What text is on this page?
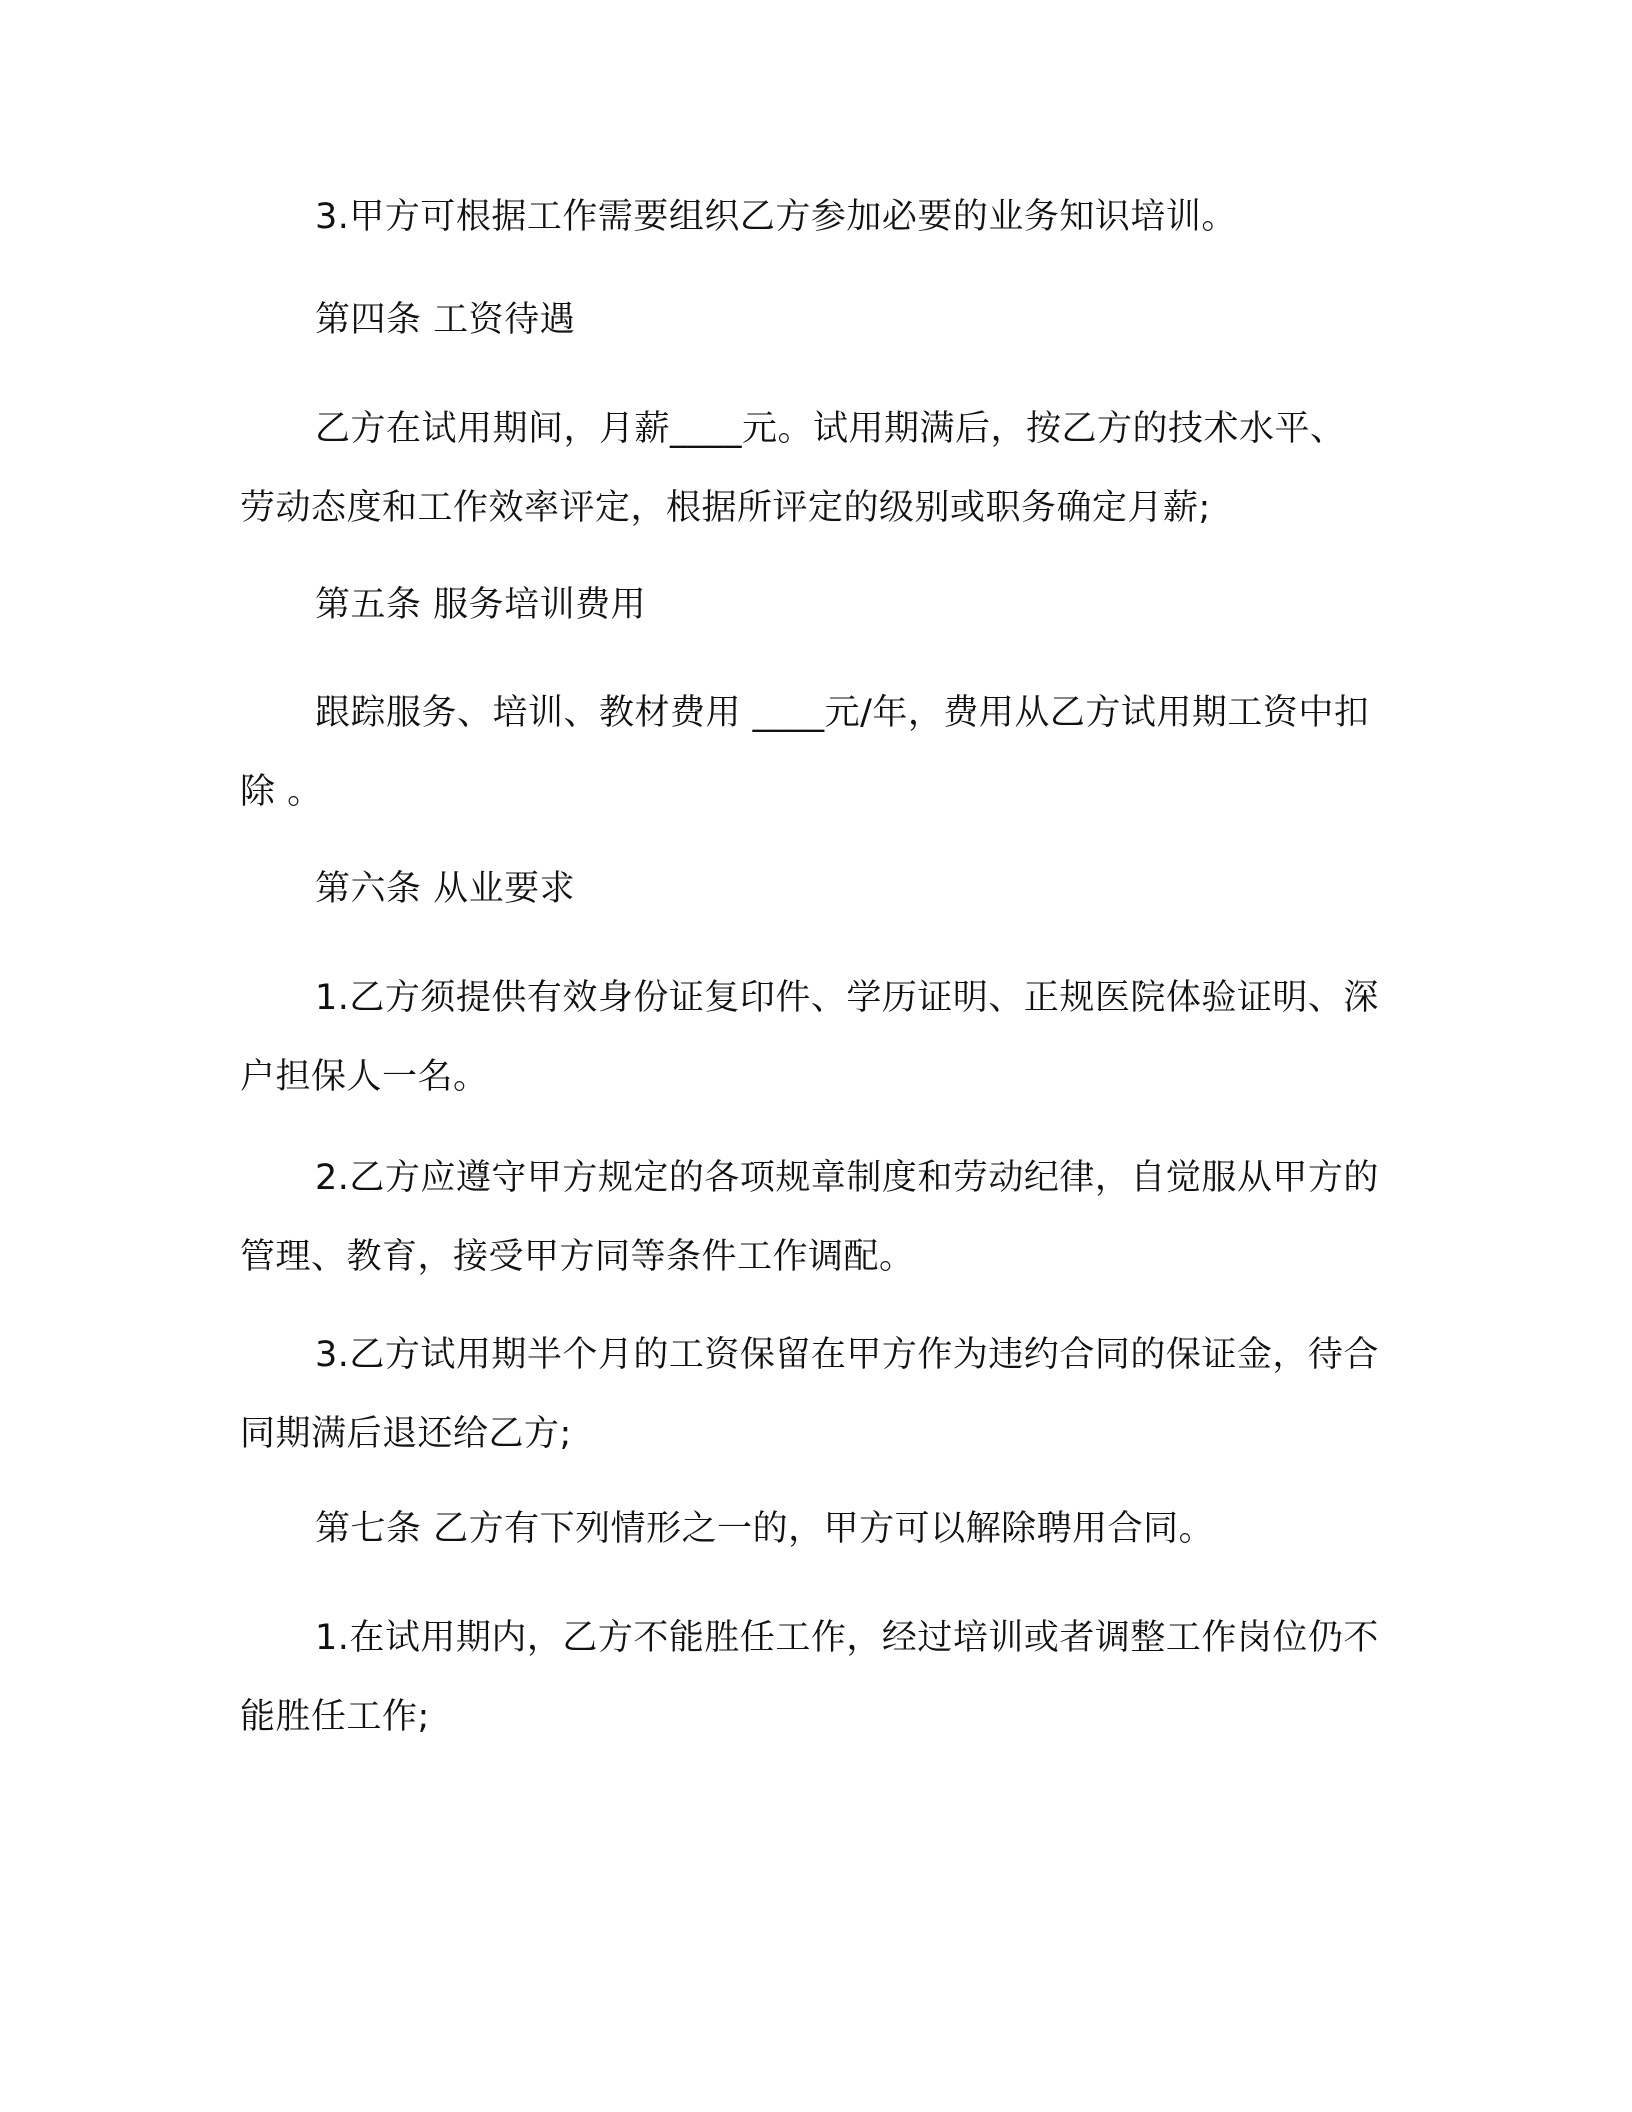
3.甲方可根据工作需要组织乙方参加必要的业务知识培训。

第四条 工资待遇

乙方在试用期间，月薪____元。试用期满后，按乙方的技术水平、劳动态度和工作效率评定，根据所评定的级别或职务确定月薪;

第五条 服务培训费用

跟踪服务、培训、教材费用 ____元/年，费用从乙方试用期工资中扣除 。

第六条 从业要求

1.乙方须提供有效身份证复印件、学历证明、正规医院体验证明、深户担保人一名。

2.乙方应遵守甲方规定的各项规章制度和劳动纪律，自觉服从甲方的管理、教育，接受甲方同等条件工作调配。

3.乙方试用期半个月的工资保留在甲方作为违约合同的保证金，待合同期满后退还给乙方;

第七条 乙方有下列情形之一的，甲方可以解除聘用合同。

1.在试用期内，乙方不能胜任工作，经过培训或者调整工作岗位仍不能胜任工作;
